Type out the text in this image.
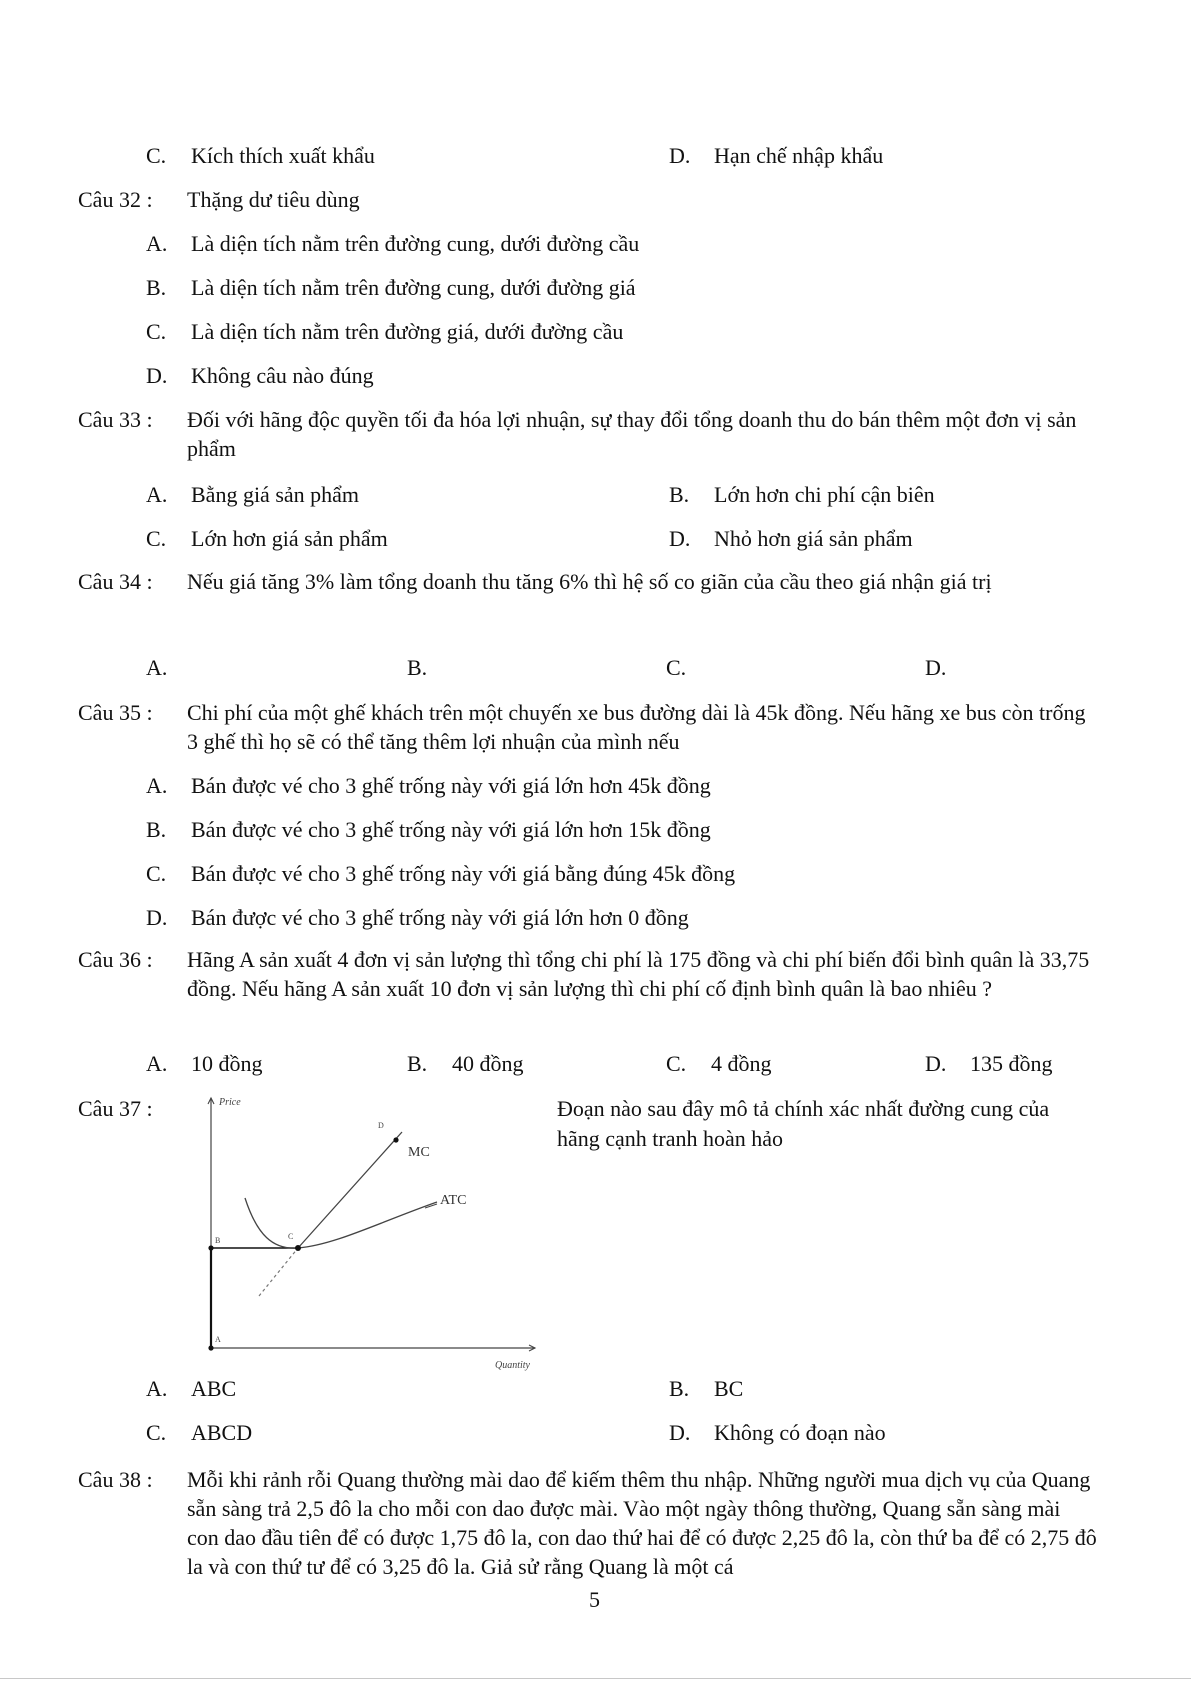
C. Kích thích xuất khẩu	D. Hạn chế nhập khẩu
Câu 32 : Thặng dư tiêu dùng
A. Là diện tích nằm trên đường cung, dưới đường cầu
B. Là diện tích nằm trên đường cung, dưới đường giá
C. Là diện tích nằm trên đường giá, dưới đường cầu
D. Không câu nào đúng
Câu 33 : Đối với hãng độc quyền tối đa hóa lợi nhuận, sự thay đổi tổng doanh thu do bán thêm một đơn vị sản phẩm
A. Bằng giá sản phẩm	B. Lớn hơn chi phí cận biên
C. Lớn hơn giá sản phẩm	D. Nhỏ hơn giá sản phẩm
Câu 34 : Nếu giá tăng 3% làm tổng doanh thu tăng 6% thì hệ số co giãn của cầu theo giá nhận giá trị
A.	B.	C.	D.
Câu 35 : Chi phí của một ghế khách trên một chuyến xe bus đường dài là 45k đồng. Nếu hãng xe bus còn trống 3 ghế thì họ sẽ có thể tăng thêm lợi nhuận của mình nếu
A. Bán được vé cho 3 ghế trống này với giá lớn hơn 45k đồng
B. Bán được vé cho 3 ghế trống này với giá lớn hơn 15k đồng
C. Bán được vé cho 3 ghế trống này với giá bằng đúng 45k đồng
D. Bán được vé cho 3 ghế trống này với giá lớn hơn 0 đồng
Câu 36 : Hãng A sản xuất 4 đơn vị sản lượng thì tổng chi phí là 175 đồng và chi phí biến đổi bình quân là 33,75 đồng. Nếu hãng A sản xuất 10 đơn vị sản lượng thì chi phí cố định bình quân là bao nhiêu ?
A. 10 đồng	B. 40 đồng	C. 4 đồng	D. 135 đồng
Câu 37 :	Đoạn nào sau đây mô tả chính xác nhất đường cung của hãng cạnh tranh hoàn hảo
Price
Quantity
D
MC
ATC
B	C
A
A. ABC	B. BC
C. ABCD	D. Không có đoạn nào
Câu 38 : Mỗi khi rảnh rỗi Quang thường mài dao để kiếm thêm thu nhập. Những người mua dịch vụ của Quang sẵn sàng trả 2,5 đô la cho mỗi con dao được mài. Vào một ngày thông thường, Quang sẵn sàng mài con dao đầu tiên để có được 1,75 đô la, con dao thứ hai để có được 2,25 đô la, còn thứ ba để có 2,75 đô la và con thứ tư để có 3,25 đô la. Giả sử rằng Quang là một cá
5
